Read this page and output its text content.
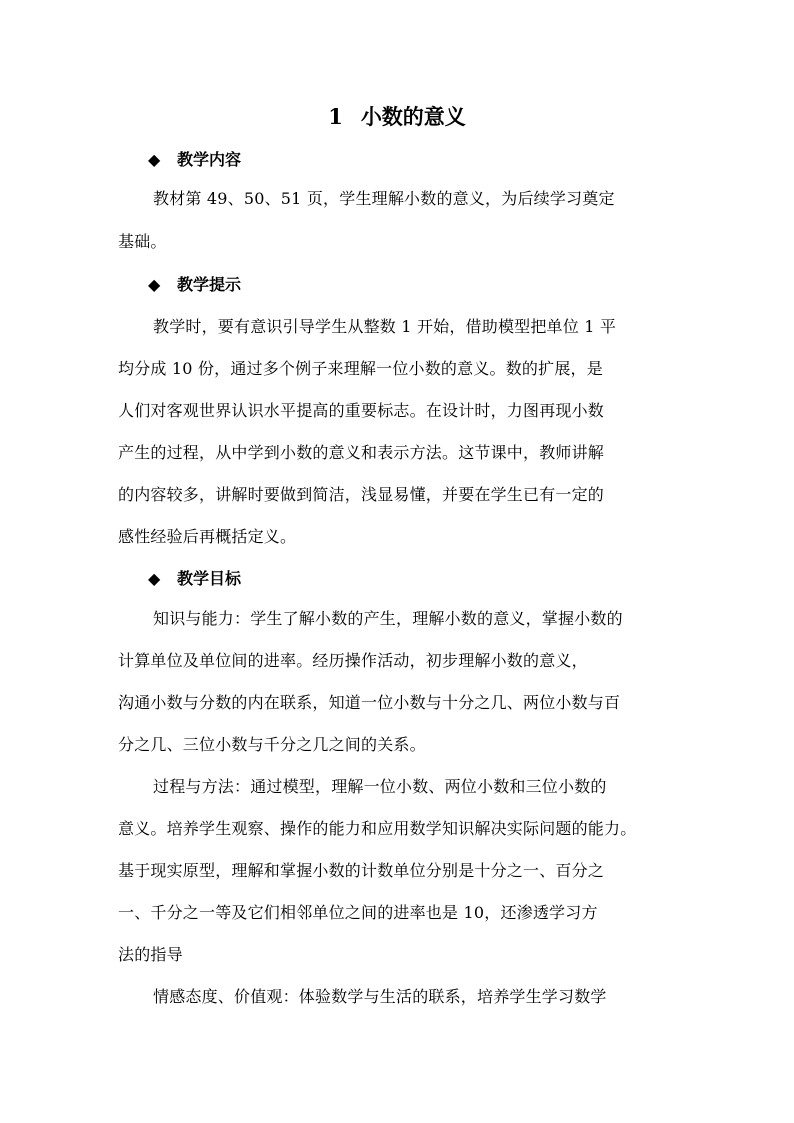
1 小数的意义
◆ 教学内容
教材第 49、50、51 页，学生理解小数的意义，为后续学习奠定
基础。
◆ 教学提示
教学时，要有意识引导学生从整数 1 开始，借助模型把单位 1 平
均分成 10 份，通过多个例子来理解一位小数的意义。数的扩展，是
人们对客观世界认识水平提高的重要标志。在设计时，力图再现小数
产生的过程，从中学到小数的意义和表示方法。这节课中，教师讲解
的内容较多，讲解时要做到简洁，浅显易懂，并要在学生已有一定的
感性经验后再概括定义。
◆ 教学目标
知识与能力：学生了解小数的产生，理解小数的意义，掌握小数的
计算单位及单位间的进率。经历操作活动，初步理解小数的意义，
沟通小数与分数的内在联系，知道一位小数与十分之几、两位小数与百
分之几、三位小数与千分之几之间的关系。
过程与方法：通过模型，理解一位小数、两位小数和三位小数的
意义。培养学生观察、操作的能力和应用数学知识解决实际问题的能力。
基于现实原型，理解和掌握小数的计数单位分别是十分之一、百分之
一、千分之一等及它们相邻单位之间的进率也是 10，还渗透学习方
法的指导
情感态度、价值观：体验数学与生活的联系，培养学生学习数学
